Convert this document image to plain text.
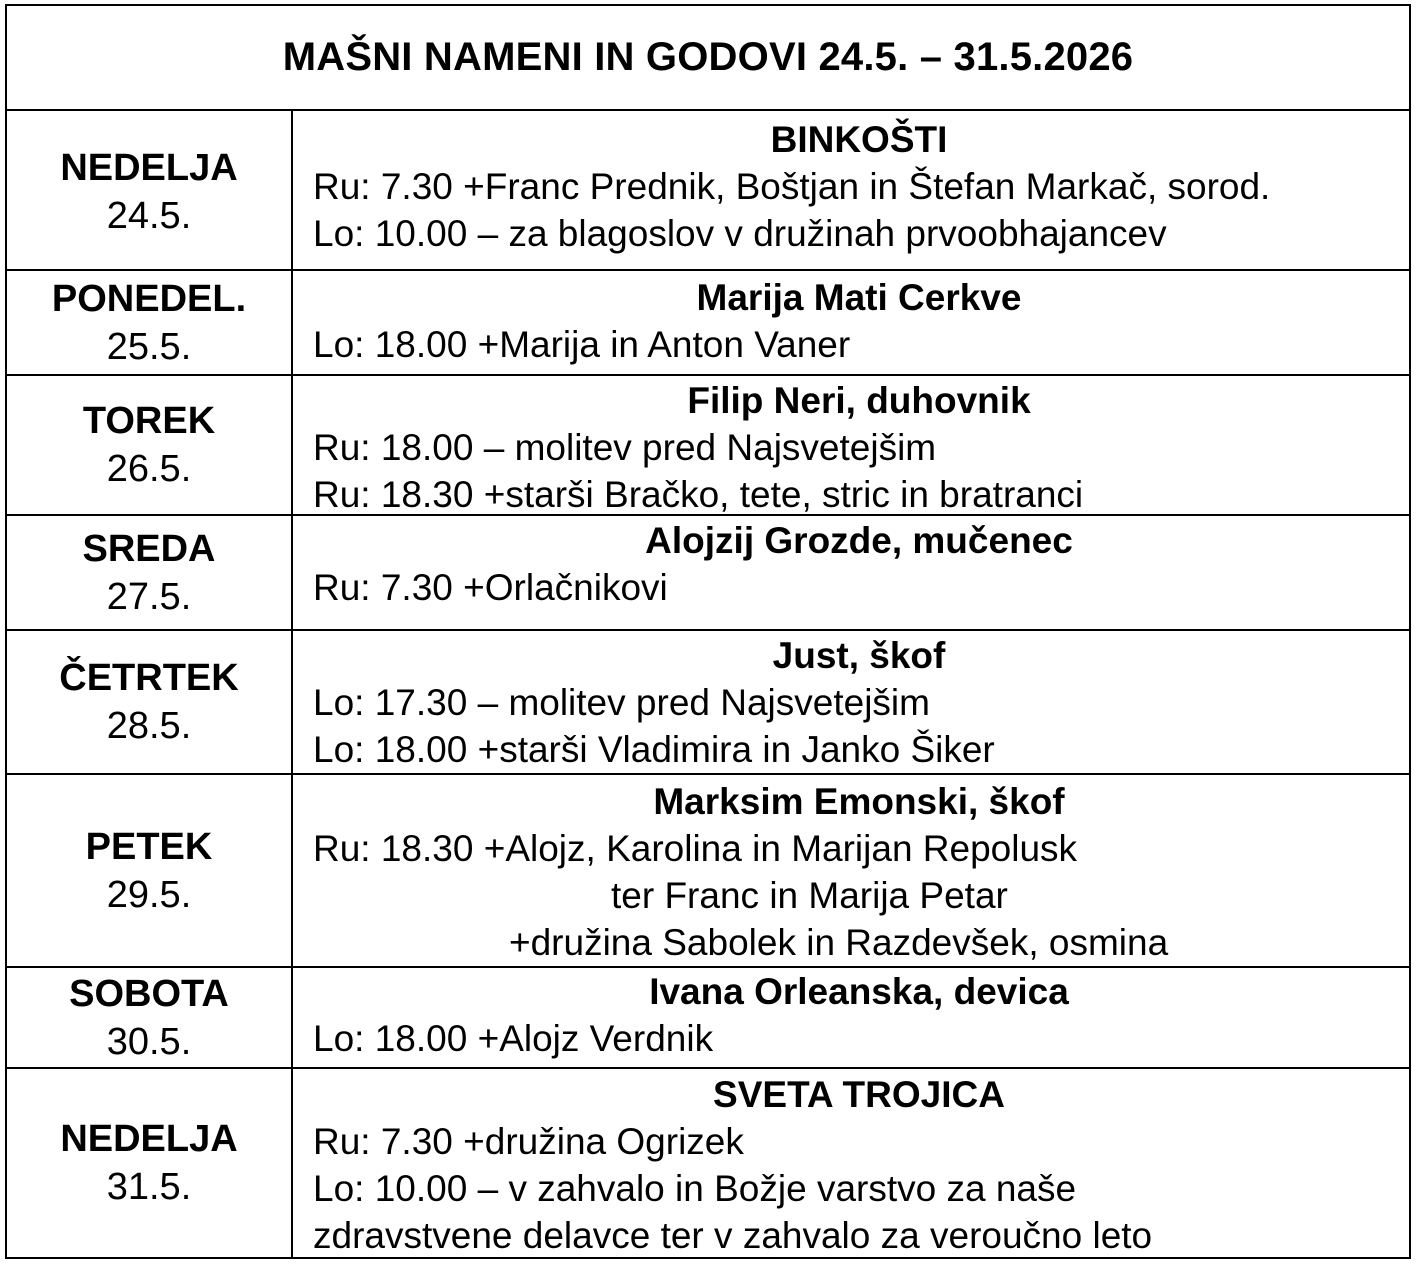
MAŠNI NAMENI IN GODOVI 24.5. – 31.5.2026
NEDELJA
24.5.
BINKOŠTI
Ru: 7.30 +Franc Prednik, Boštjan in Štefan Markač, sorod.
Lo: 10.00 – za blagoslov v družinah prvoobhajancev
PONEDEL.
25.5.
Marija Mati Cerkve
Lo: 18.00 +Marija in Anton Vaner
TOREK
26.5.
Filip Neri, duhovnik
Ru: 18.00 – molitev pred Najsvetejšim
Ru: 18.30 +starši Bračko, tete, stric in bratranci
SREDA
27.5.
Alojzij Grozde, mučenec
Ru: 7.30 +Orlačnikovi
ČETRTEK
28.5.
Just, škof
Lo: 17.30 – molitev pred Najsvetejšim
Lo: 18.00 +starši Vladimira in Janko Šiker
PETEK
29.5.
Marksim Emonski, škof
Ru: 18.30 +Alojz, Karolina in Marijan Repolusk
ter Franc in Marija Petar
+družina Sabolek in Razdevšek, osmina
SOBOTA
30.5.
Ivana Orleanska, devica
Lo: 18.00 +Alojz Verdnik
NEDELJA
31.5.
SVETA TROJICA
Ru: 7.30 +družina Ogrizek
Lo: 10.00 – v zahvalo in Božje varstvo za naše
zdravstvene delavce ter v zahvalo za veroučno leto
